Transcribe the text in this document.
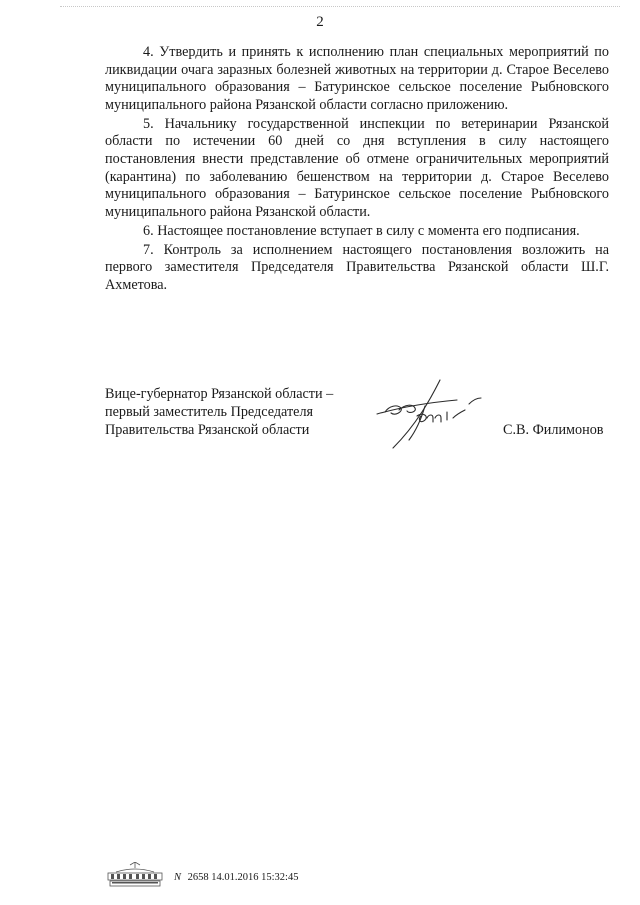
2

4. Утвердить и принять к исполнению план специальных мероприятий по ликвидации очага заразных болезней животных на территории д. Старое Веселево муниципального образования – Батуринское сельское поселение Рыбновского муниципального района Рязанской области согласно приложению.

5. Начальнику государственной инспекции по ветеринарии Рязанской области по истечении 60 дней со дня вступления в силу настоящего постановления внести представление об отмене ограничительных мероприятий (карантина) по заболеванию бешенством на территории д. Старое Веселево муниципального образования – Батуринское сельское поселение Рыбновского муниципального района Рязанской области.

6. Настоящее постановление вступает в силу с момента его подписания.

7. Контроль за исполнением настоящего постановления возложить на первого заместителя Председателя Правительства Рязанской области Ш.Г. Ахметова.

Вице-губернатор Рязанской области –
первый заместитель Председателя
Правительства Рязанской области	С.В. Филимонов
N 2658 14.01.2016 15:32:45
